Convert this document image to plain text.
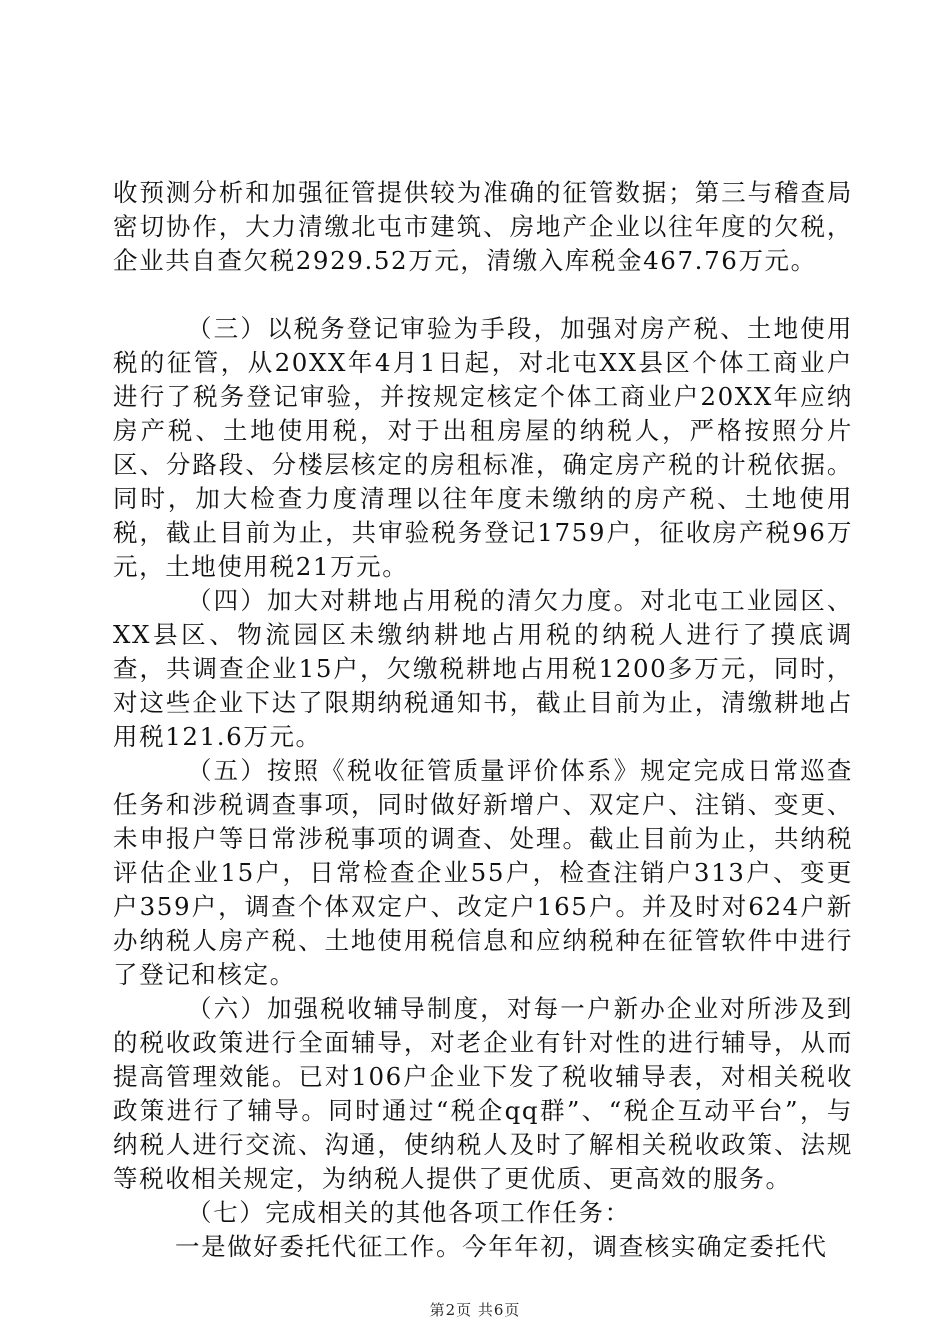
收预测分析和加强征管提供较为准确的征管数据；第三与稽查局密切协作，大力清缴北屯市建筑、房地产企业以往年度的欠税，企业共自查欠税2929.52万元，清缴入库税金467.76万元。

（三）以税务登记审验为手段，加强对房产税、土地使用税的征管，从20XX年4月1日起，对北屯XX县区个体工商业户进行了税务登记审验，并按规定核定个体工商业户20XX年应纳房产税、土地使用税，对于出租房屋的纳税人，严格按照分片区、分路段、分楼层核定的房租标准，确定房产税的计税依据。同时，加大检查力度清理以往年度未缴纳的房产税、土地使用税，截止目前为止，共审验税务登记1759户，征收房产税96万元，土地使用税21万元。

（四）加大对耕地占用税的清欠力度。对北屯工业园区、XX县区、物流园区未缴纳耕地占用税的纳税人进行了摸底调查，共调查企业15户，欠缴税耕地占用税1200多万元，同时，对这些企业下达了限期纳税通知书，截止目前为止，清缴耕地占用税121.6万元。

（五）按照《税收征管质量评价体系》规定完成日常巡查任务和涉税调查事项，同时做好新增户、双定户、注销、变更、未申报户等日常涉税事项的调查、处理。截止目前为止，共纳税评估企业15户，日常检查企业55户，检查注销户313户、变更户359户，调查个体双定户、改定户165户。并及时对624户新办纳税人房产税、土地使用税信息和应纳税种在征管软件中进行了登记和核定。

（六）加强税收辅导制度，对每一户新办企业对所涉及到的税收政策进行全面辅导，对老企业有针对性的进行辅导，从而提高管理效能。已对106户企业下发了税收辅导表，对相关税收政策进行了辅导。同时通过“税企qq群”、“税企互动平台”，与纳税人进行交流、沟通，使纳税人及时了解相关税收政策、法规等税收相关规定，为纳税人提供了更优质、更高效的服务。

（七）完成相关的其他各项工作任务：

一是做好委托代征工作。今年年初，调查核实确定委托代

第2页 共6页
